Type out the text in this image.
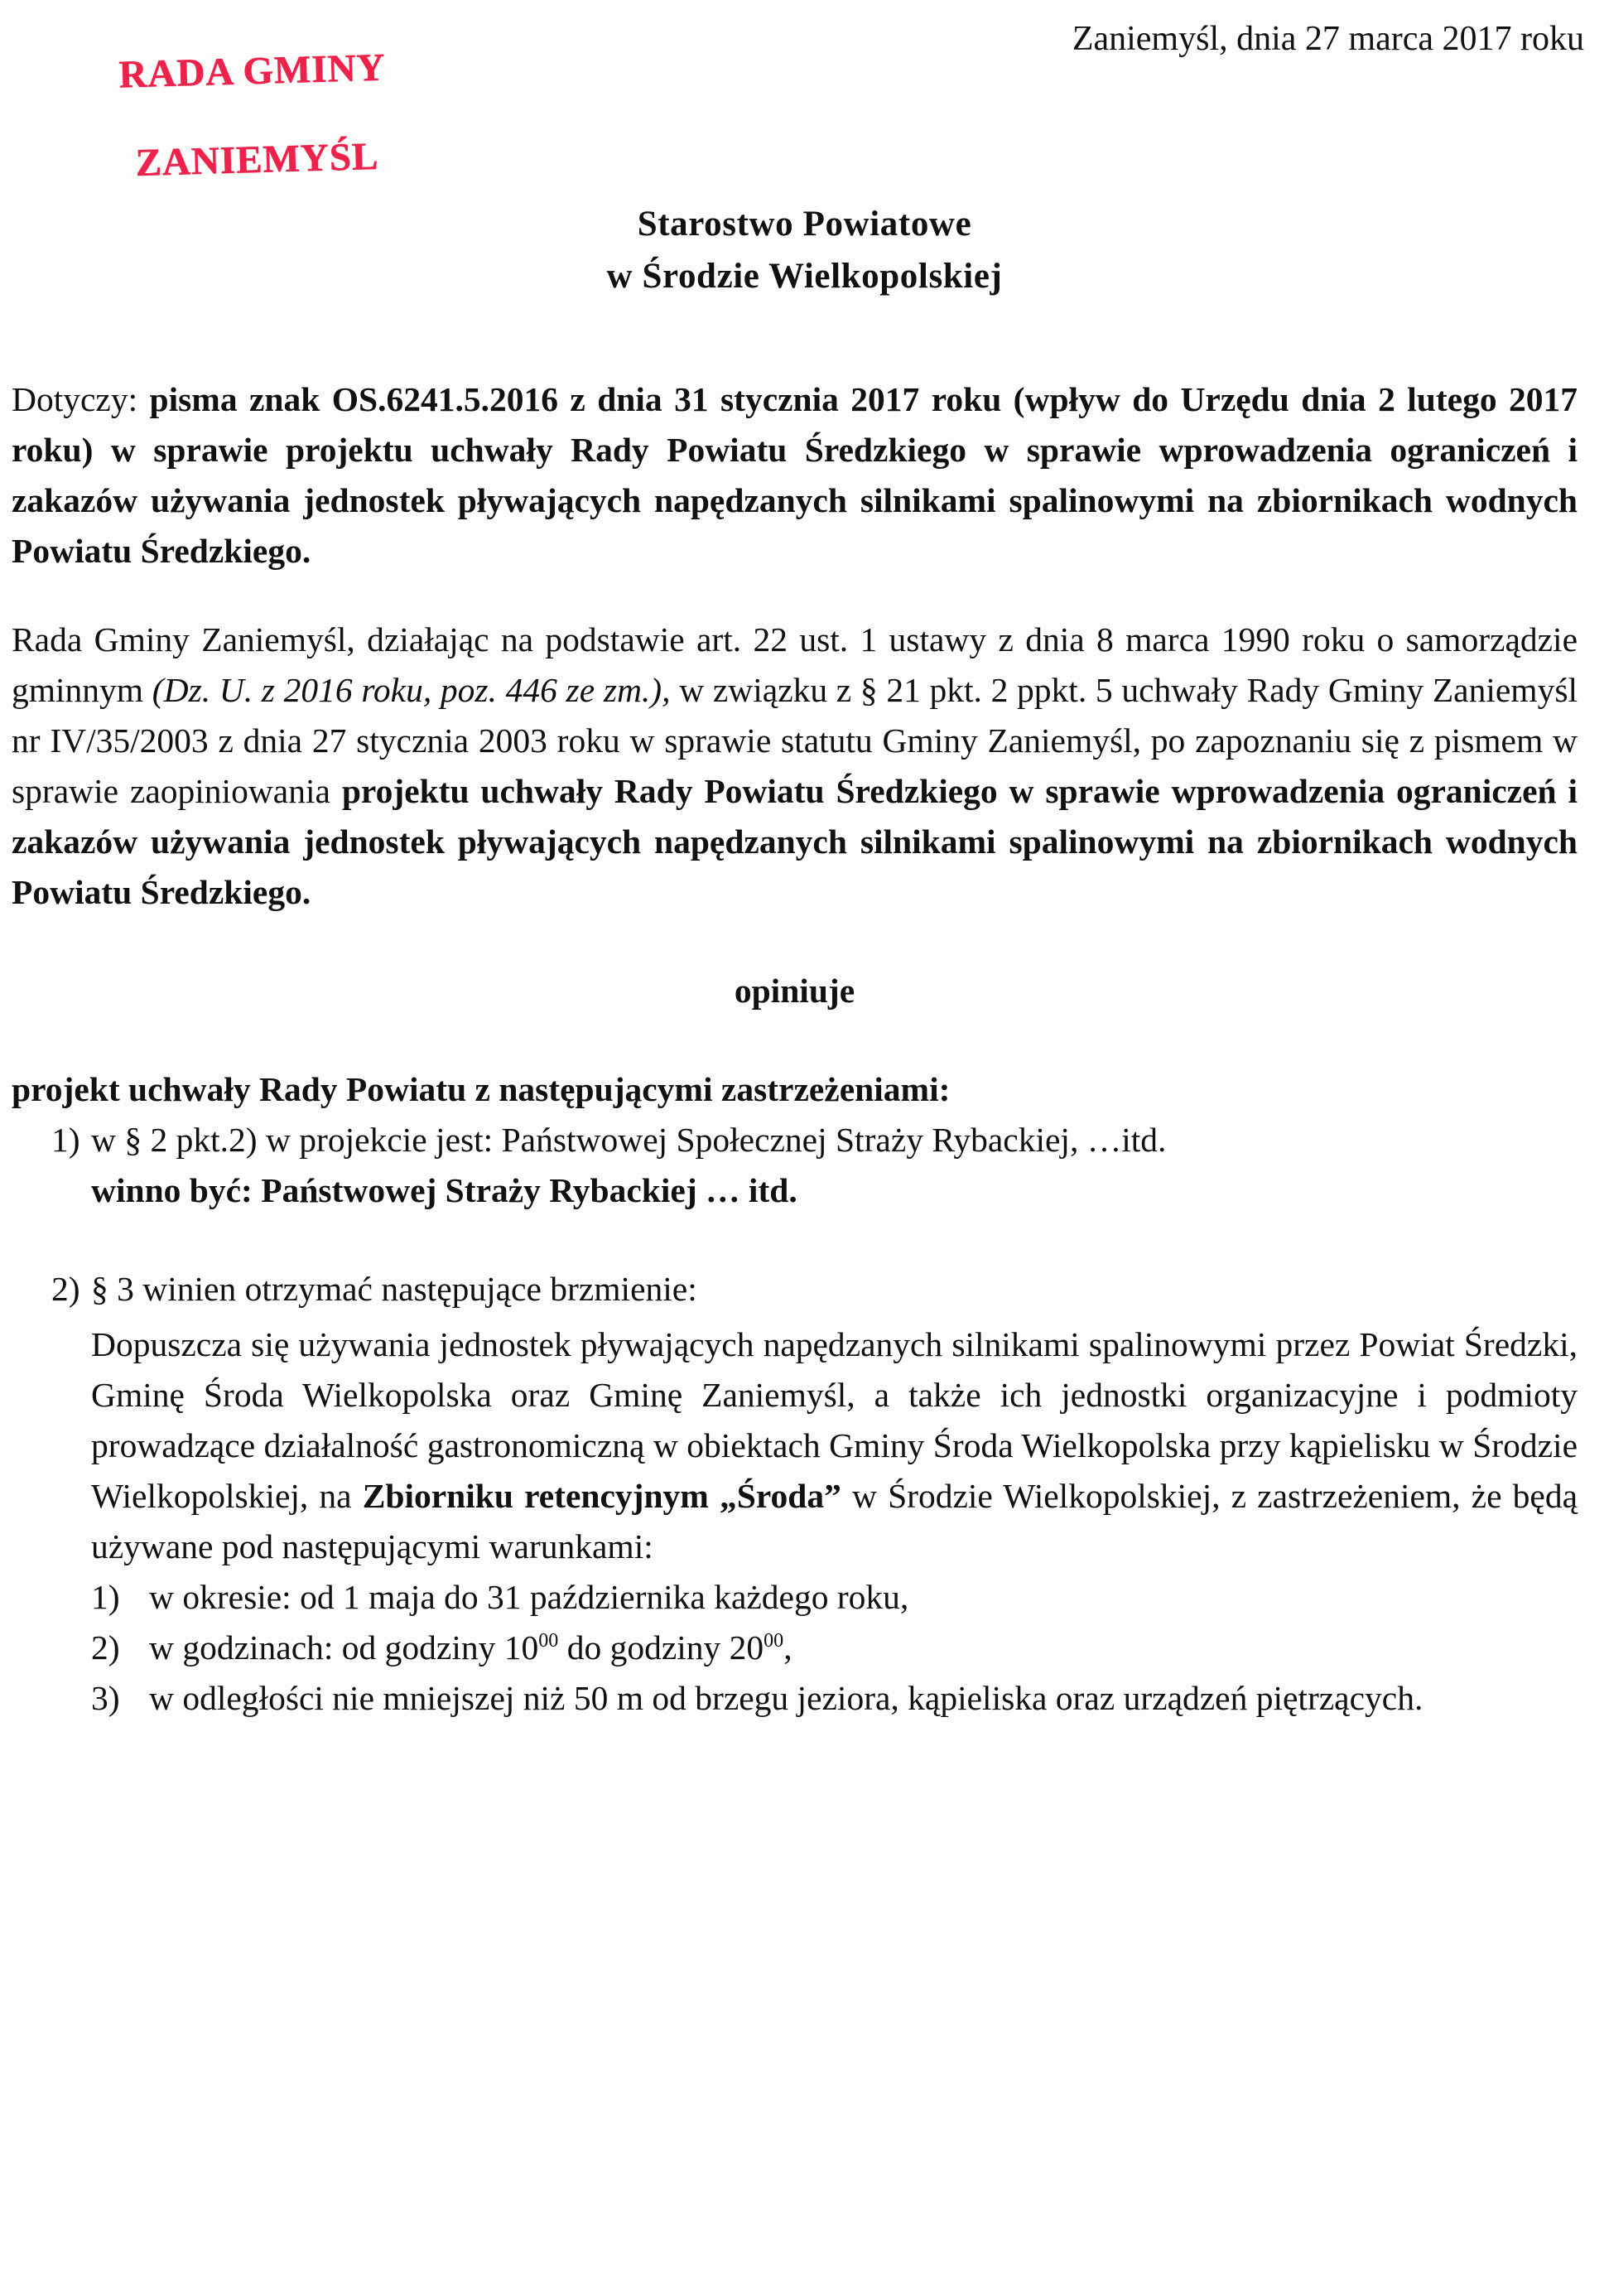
RADA GMINY

ZANIEMYŚL

Zaniemyśl, dnia 27 marca 2017 roku
Starostwo Powiatowe
w Środzie Wielkopolskiej

Dotyczy: pisma znak OS.6241.5.2016 z dnia 31 stycznia 2017 roku (wpływ do Urzędu dnia 2 lutego 2017 roku) w sprawie projektu uchwały Rady Powiatu Średzkiego w sprawie wprowadzenia ograniczeń i zakazów używania jednostek pływających napędzanych silnikami spalinowymi na zbiornikach wodnych Powiatu Średzkiego.

Rada Gminy Zaniemyśl, działając na podstawie art. 22 ust. 1 ustawy z dnia 8 marca 1990 roku o samorządzie gminnym (Dz. U. z 2016 roku, poz. 446 ze zm.), w związku z § 21 pkt. 2 ppkt. 5 uchwały Rady Gminy Zaniemyśl nr IV/35/2003 z dnia 27 stycznia 2003 roku w sprawie statutu Gminy Zaniemyśl, po zapoznaniu się z pismem w sprawie zaopiniowania projektu uchwały Rady Powiatu Średzkiego w sprawie wprowadzenia ograniczeń i zakazów używania jednostek pływających napędzanych silnikami spalinowymi na zbiornikach wodnych Powiatu Średzkiego.

opiniuje

projekt uchwały Rady Powiatu z następującymi zastrzeżeniami:

1) w § 2 pkt.2) w projekcie jest: Państwowej Społecznej Straży Rybackiej, …itd.
winno być: Państwowej Straży Rybackiej … itd.
2) § 3 winien otrzymać następujące brzmienie:

Dopuszcza się używania jednostek pływających napędzanych silnikami spalinowymi przez Powiat Średzki, Gminę Środa Wielkopolska oraz Gminę Zaniemyśl, a także ich jednostki organizacyjne i podmioty prowadzące działalność gastronomiczną w obiektach Gminy Środa Wielkopolska przy kąpielisku w Środzie Wielkopolskiej, na Zbiorniku retencyjnym „Środa” w Środzie Wielkopolskiej, z zastrzeżeniem, że będą używane pod następującymi warunkami:

1) w okresie: od 1 maja do 31 października każdego roku,
2) w godzinach: od godziny $10^{00}$ do godziny $20^{00}$,
3) w odległości nie mniejszej niż 50 m od brzegu jeziora, kąpieliska oraz urządzeń piętrzących.
